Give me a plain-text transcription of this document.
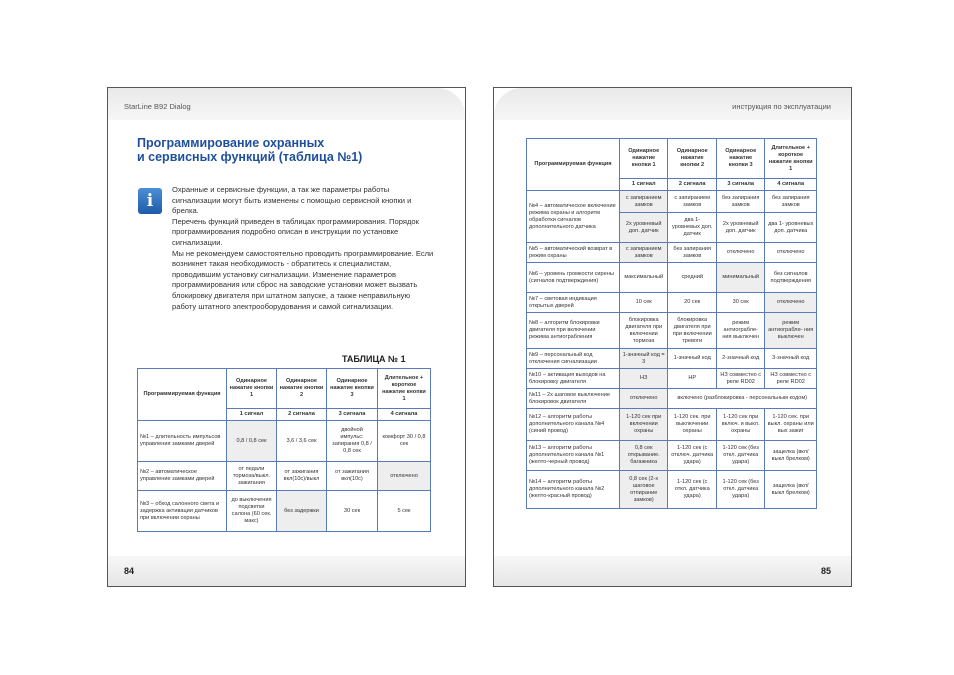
StarLine B92 Dialog
Программирование охранных
и сервисных функций (таблица №1)
i

Охранные и сервисные функции, а так же параметры работы сигнализации могут быть изменены с помощью сервисной кнопки и брелка.

Перечень функций приведен в таблицах программирования. Порядок программирования подробно описан в инструкции по установке сигнализации.

Мы не рекомендуем самостоятельно проводить программирование. Если возникнет такая необходимость - обратитесь к специалистам, проводившим установку сигнализации. Изменение параметров программирования или сброс на заводские установки может вызвать блокировку двигателя при штатном запуске, а также неправильную работу штатного электрооборудования и самой сигнализации.

ТАБЛИЦА № 1
Программируемая функция	Одинарное нажатие кнопки 1	Одинарное нажатие кнопки 2	Одинарное нажатие кнопки 3	Длительное + короткое нажатие кнопки 1
	1 сигнал	2 сигнала	3 сигнала	4 сигнала
№1 – длительность импульсов управления замками дверей	0,8 / 0,8 сек	3,6 / 3,6 сек	двойной импульс: запирания 0,8 / 0,8 сек	комфорт 30 / 0,8 сек
№2 – автоматическое управление замками дверей	от педали тормоза/выкл. зажигания	от зажигания вкл(10с)/выкл	от зажигания вкл(10с)	отключено
№3 – обход салонного света и задержка активации датчиков при включении охраны	до выключения подсветки салона (60 сек. макс)	без задержки	30 сек	5 сек
84
инструкция по эксплуатации
Программируемая функция	Одинарное нажатие кнопки 1	Одинарное нажатие кнопки 2	Одинарное нажатие кнопки 3	Длительное + короткое нажатие кнопки 1
	1 сигнал	2 сигнала	3 сигнала	4 сигнала
№4 – автоматическое включение режима охраны и алгоритм обработки сигналов дополнительного датчика	с запиранием замков	с запиранием замков	без запирания замков	без запирания замков
	2х уровневый доп. датчик	два 1- уровневых доп. датчик	2х уровневый доп. датчик	два 1- уровневых доп. датчика
№5 – автоматический возврат в режим охраны	с запиранием замков	без запирания замков	отключено	отключено
№6 – уровень громкости сирены (сигналов подтверждения)	максимальный	средний	минимальный	без сигналов подтверждения
№7 – световая индикация открытых дверей	10 сек	20 сек	30 сек	отключено
№8 – алгоритм блокировки двигателя при включении режима антиограбления	блокировка двигателя при включении тормоза	блокировка двигателя при при включении тревоги	режим антиограбле- ния выключен	режим антиограбле- ния выключен
№9 – персональный код отключения сигнализации	1-значный код = 3	1-значный код	2-значный код	3-значный код
№10 – активация выходов на блокировку двигателя	НЗ	НР	НЗ совместно с реле RD02	НЗ совместно с реле RD02
№11 – 2х шаговое выключение блокировок двигателя	отключено	включено (разблокировка - персональным кодом)		
№12 – алгоритм работы дополнительного канала №4 (синий провод)	1-120 сек при включении охраны	1-120 сек. при выключении охраны	1-120 сек при включ. и выкл. охраны	1-120 сек. при выкл. охраны или вых зажиг
№13 – алгоритм работы дополнительного канала №1 (желто-черный провод)	0,8 сек открывание. багажника	1-120 сек (с отключ. датчика удара)	1-120 сек (без откл. датчика удара)	защелка (вкл/выкл брелком)
№14 – алгоритм работы дополнительного канала №2 (желто-красный провод)	0,8 сек (2-х шаговое отпирание замков)	1-120 сек (с откл. датчика удара)	1-120 сек (без откл. датчика удара)	защелка (вкл/выкл брелком)
85
